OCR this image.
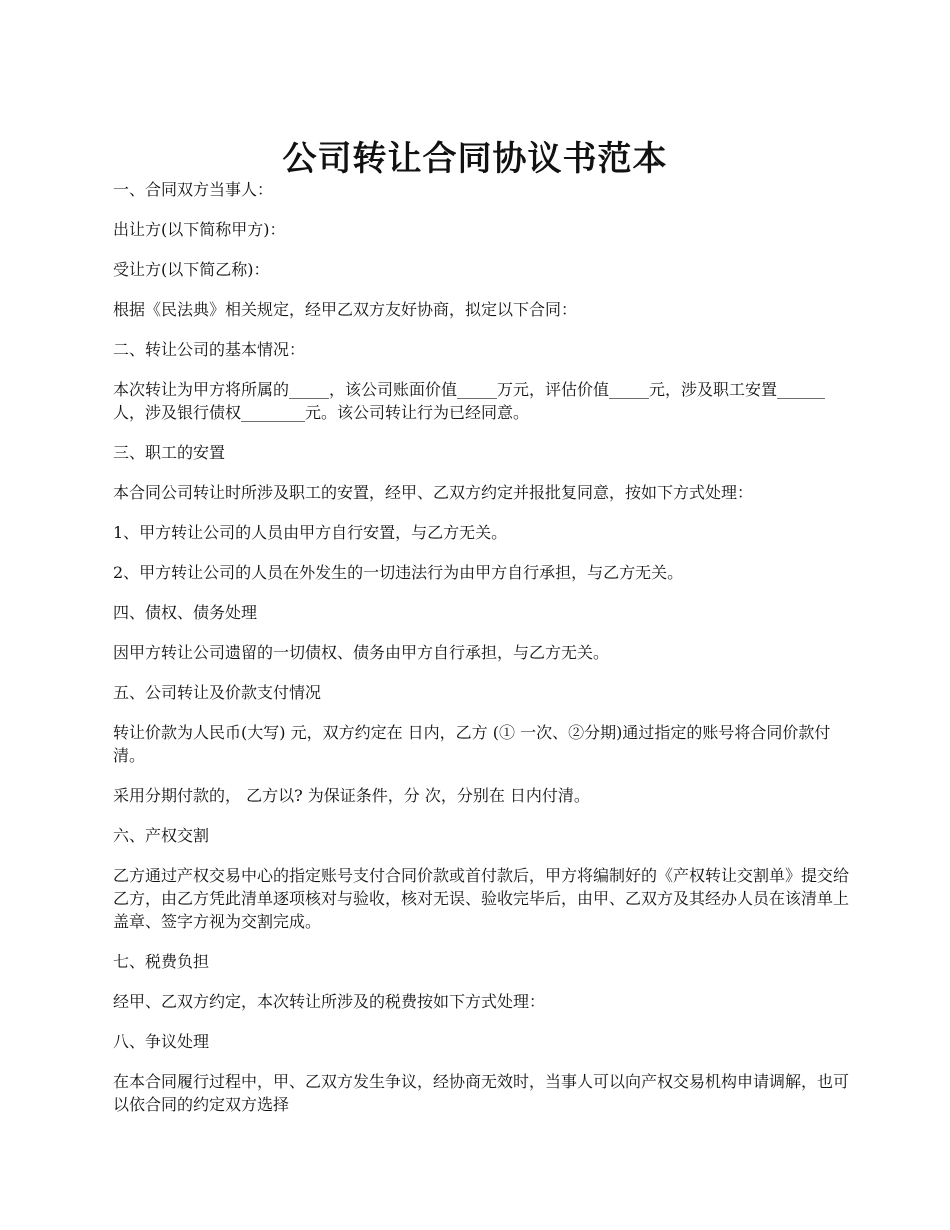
公司转让合同协议书范本

一、合同双方当事人：

出让方(以下简称甲方)：

受让方(以下简乙称)：

根据《民法典》相关规定，经甲乙双方友好协商，拟定以下合同：

二、转让公司的基本情况：

本次转让为甲方将所属的_____，该公司账面价值_____万元，评估价值_____元，涉及职工安置______人，涉及银行债权________元。该公司转让行为已经同意。

三、职工的安置

本合同公司转让时所涉及职工的安置，经甲、乙双方约定并报批复同意，按如下方式处理：

1、甲方转让公司的人员由甲方自行安置，与乙方无关。

2、甲方转让公司的人员在外发生的一切违法行为由甲方自行承担，与乙方无关。

四、债权、债务处理

因甲方转让公司遗留的一切债权、债务由甲方自行承担，与乙方无关。

五、公司转让及价款支付情况

转让价款为人民币(大写) 元，双方约定在 日内，乙方 (① 一次、②分期)通过指定的账号将合同价款付清。

采用分期付款的， 乙方以? 为保证条件，分 次，分别在 日内付清。

六、产权交割

乙方通过产权交易中心的指定账号支付合同价款或首付款后，甲方将编制好的《产权转让交割单》提交给乙方，由乙方凭此清单逐项核对与验收，核对无误、验收完毕后，由甲、乙双方及其经办人员在该清单上盖章、签字方视为交割完成。

七、税费负担

经甲、乙双方约定，本次转让所涉及的税费按如下方式处理：

八、争议处理

在本合同履行过程中，甲、乙双方发生争议，经协商无效时，当事人可以向产权交易机构申请调解，也可以依合同的约定双方选择
